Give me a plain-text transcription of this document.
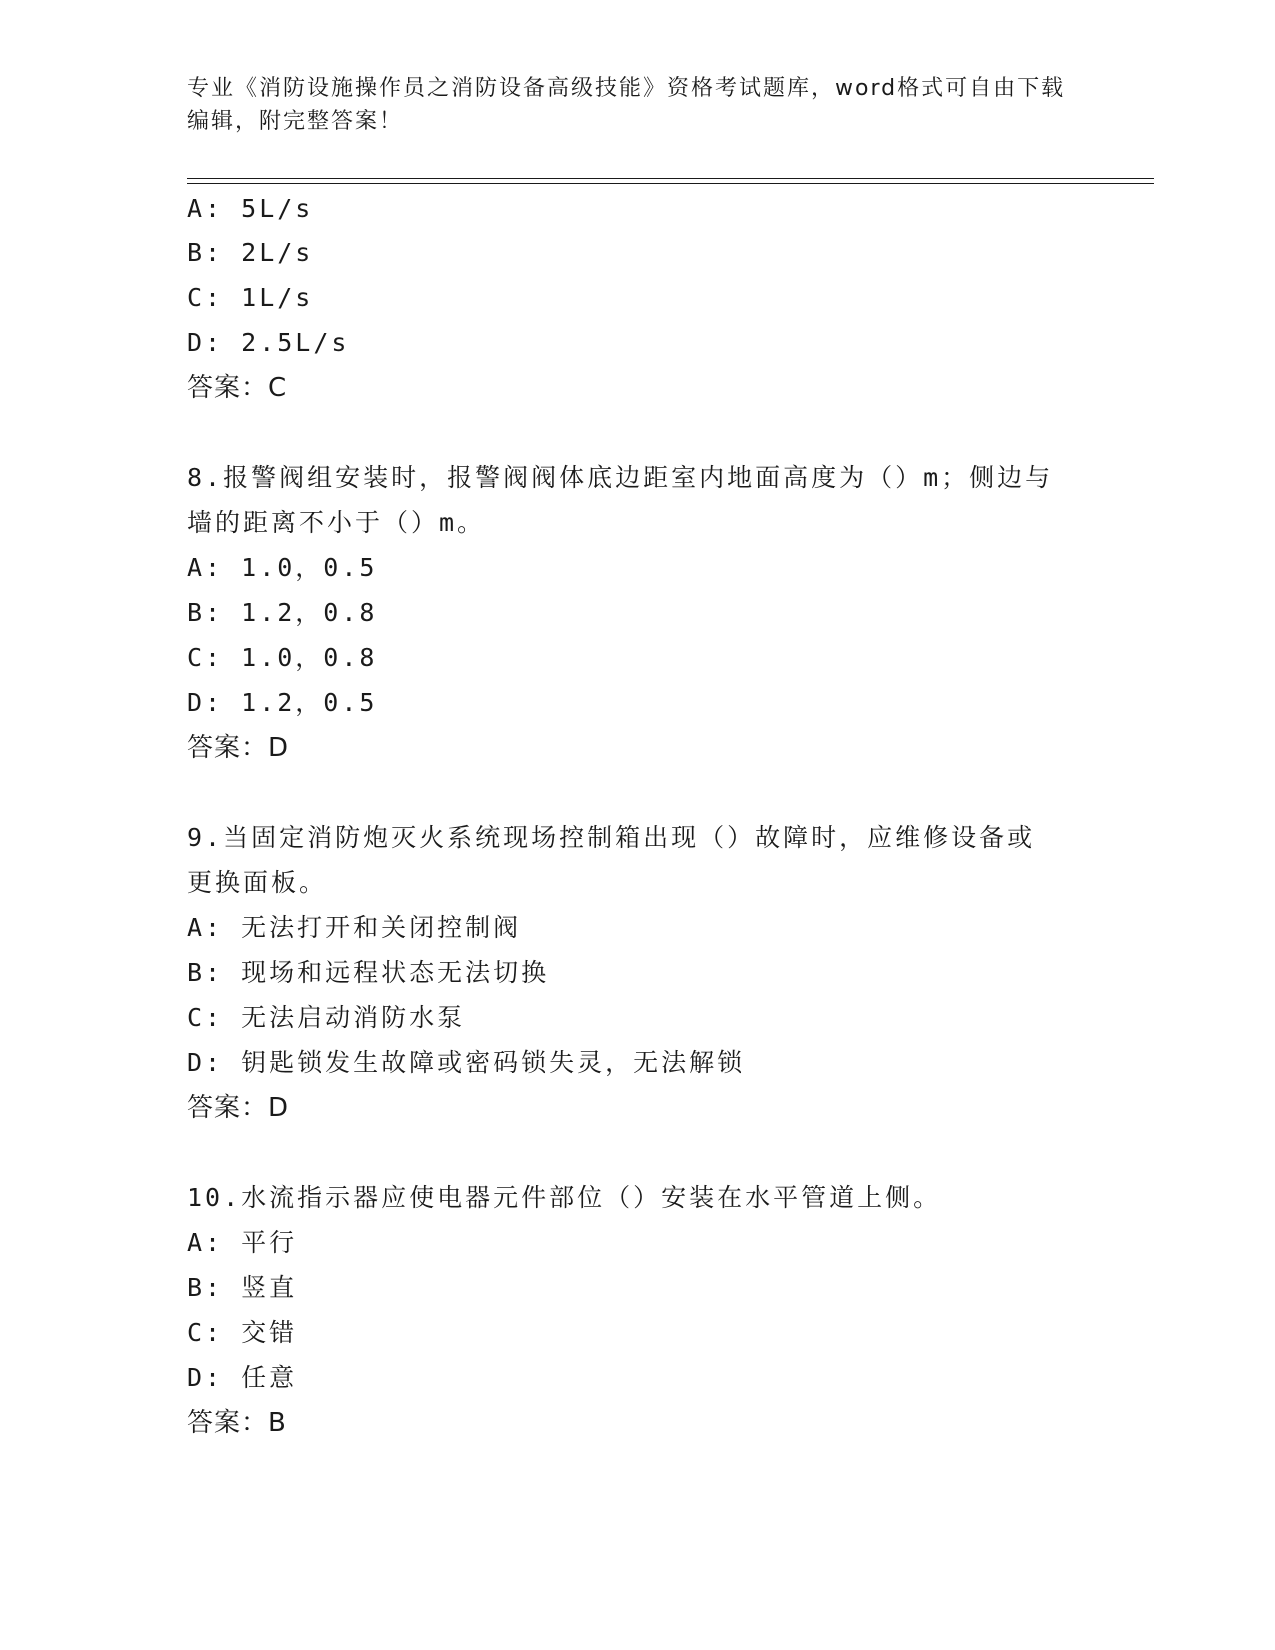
专业《消防设施操作员之消防设备高级技能》资格考试题库，word格式可自由下载编辑，附完整答案！
A: 5L/s
B: 2L/s
C: 1L/s
D: 2.5L/s
答案：C
8.报警阀组安装时，报警阀阀体底边距室内地面高度为（）m；侧边与
墙的距离不小于（）m。
A: 1.0，0.5
B: 1.2，0.8
C: 1.0，0.8
D: 1.2，0.5
答案：D
9.当固定消防炮灭火系统现场控制箱出现（）故障时，应维修设备或
更换面板。
A: 无法打开和关闭控制阀
B: 现场和远程状态无法切换
C: 无法启动消防水泵
D: 钥匙锁发生故障或密码锁失灵，无法解锁
答案：D
10.水流指示器应使电器元件部位（）安装在水平管道上侧。
A: 平行
B: 竖直
C: 交错
D: 任意
答案：B
